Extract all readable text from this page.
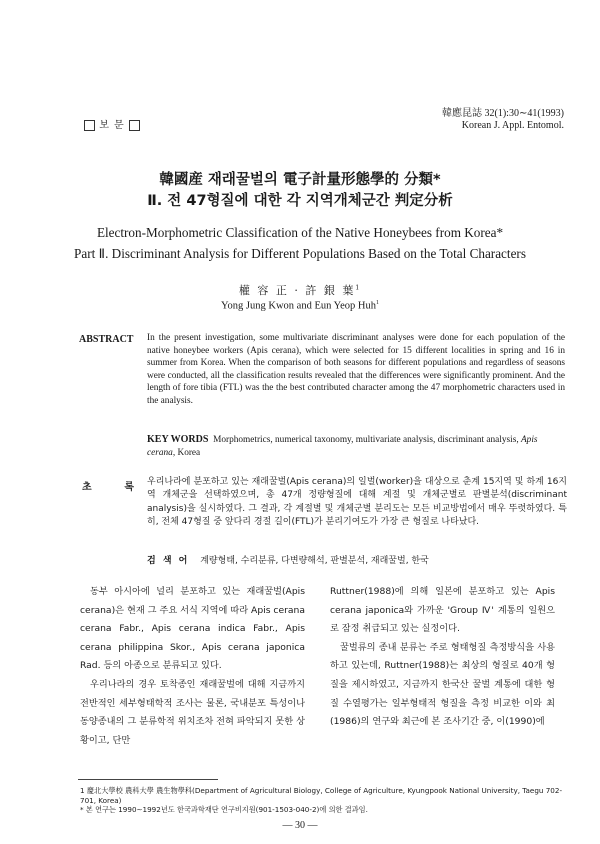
보 문
韓應昆誌 32(1):30∼41(1993)
Korean J. Appl. Entomol.
韓國産 재래꿀벌의 電子計量形態學的 分類*
Ⅱ. 전 47형질에 대한 각 지역개체군간 判定分析
Electron-Morphometric Classification of the Native Honeybees from Korea*
Part Ⅱ. Discriminant Analysis for Different Populations Based on the Total Characters
權 容 正 · 許 銀 葉$^1$
Yong Jung Kwon and Eun Yeop Huh$^1$
ABSTRACT In the present investigation, some multivariate discriminant analyses were done for each population of the native honeybee workers (Apis cerana), which were selected for 15 different localities in spring and 16 in summer from Korea. When the comparison of both seasons for different populations and regardless of seasons were conducted, all the classification results revealed that the differences were significantly prominent. And the length of fore tibia (FTL) was the the best contributed character among the 47 morphometric characters used in the analysis.
KEY WORDS Morphometrics, numerical taxonomy, multivariate analysis, discriminant analysis, Apis cerana, Korea
초	록 우리나라에 분포하고 있는 재래꿀벌(Apis cerana)의 일벌(worker)을 대상으로 춘계 15지역 및 하계 16지역 개체군을 선택하였으며, 총 47개 정량형질에 대해 계절 및 개체군별로 판별분석(discriminant analysis)을 실시하였다. 그 결과, 각 계절별 및 개체군별 분리도는 모든 비교방법에서 매우 뚜렷하였다. 특히, 전체 47형질 중 앞다리 경절 길이(FTL)가 분리기여도가 가장 큰 형질로 나타났다.
검 색 어 계량형태, 수리분류, 다변량해석, 판별분석, 재래꿀벌, 한국

동부 아시아에 널리 분포하고 있는 재래꿀벌(Apis cerana)은 현재 그 주요 서식 지역에 따라 Apis cerana cerana Fabr., Apis cerana indica Fabr., Apis cerana philippina Skor., Apis cerana japonica Rad. 등의 아종으로 분류되고 있다.

우리나라의 경우 토착종인 재래꿀벌에 대해 지금까지 전반적인 세부형태학적 조사는 물론, 국내분포 특성이나 동양종내의 그 분류학적 위치조차 전혀 파악되지 못한 상황이고, 단만

Ruttner(1988)에 의해 일본에 분포하고 있는 Apis cerana japonica와 가까운 'Group Ⅳ' 계통의 일원으로 잠정 취급되고 있는 실정이다.

꿀벌류의 종내 분류는 주로 형태형질 측정방식을 사용하고 있는데, Ruttner(1988)는 최상의 형질로 40개 형질을 제시하였고, 지금까지 한국산 꿀벌 계통에 대한 형질 수열평가는 일부형태적 형질을 측정 비교한 이와 최(1986)의 연구와 최근에 본 조사기간 중, 이(1990)에

1 慶北大學校 農科大學 農生物學科(Department of Agricultural Biology, College of Agriculture, Kyungpook National University, Taegu 702-701, Korea)
* 본 연구는 1990∼1992년도 한국과학재단 연구비지원(901-1503-040-2)에 의한 결과임.
— 30 —
